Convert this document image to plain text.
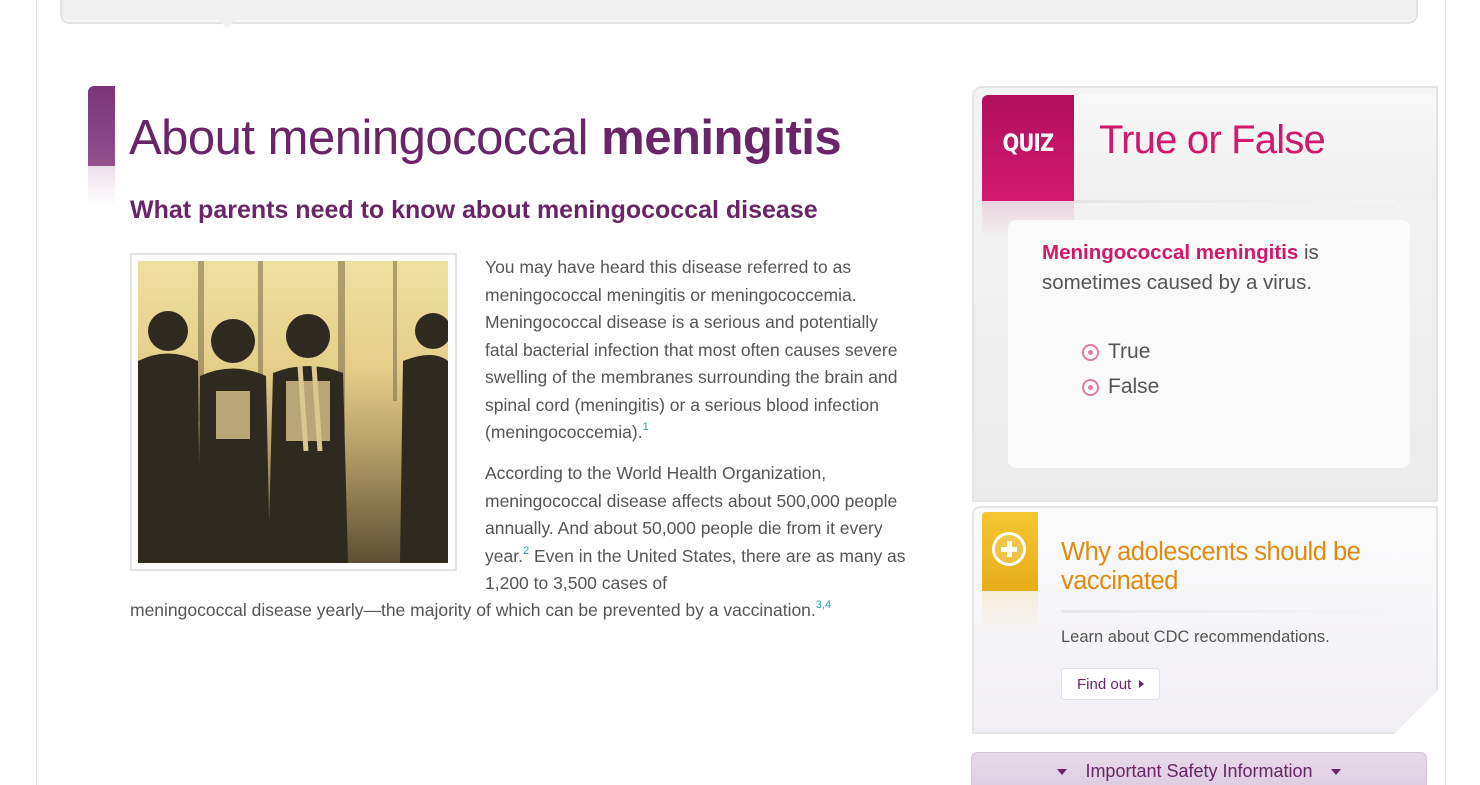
About meningococcal meningitis
What parents need to know about meningococcal disease
You may have heard this disease referred to as meningococcal meningitis or meningococcemia. Meningococcal disease is a serious and potentially fatal bacterial infection that most often causes severe swelling of the membranes surrounding the brain and spinal cord (meningitis) or a serious blood infection (meningococcemia).$^1$
According to the World Health Organization, meningococcal disease affects about 500,000 people annually. And about 50,000 people die from it every year.$^2$ Even in the United States, there are as many as 1,200 to 3,500 cases of
meningococcal disease yearly—the majority of which can be prevented by a vaccination.$^{3,4}$
QUIZ	True or False
Meningococcal meningitis is sometimes caused by a virus.
True
False
Why adolescents should be vaccinated
Learn about CDC recommendations.
Find out
Important Safety Information
